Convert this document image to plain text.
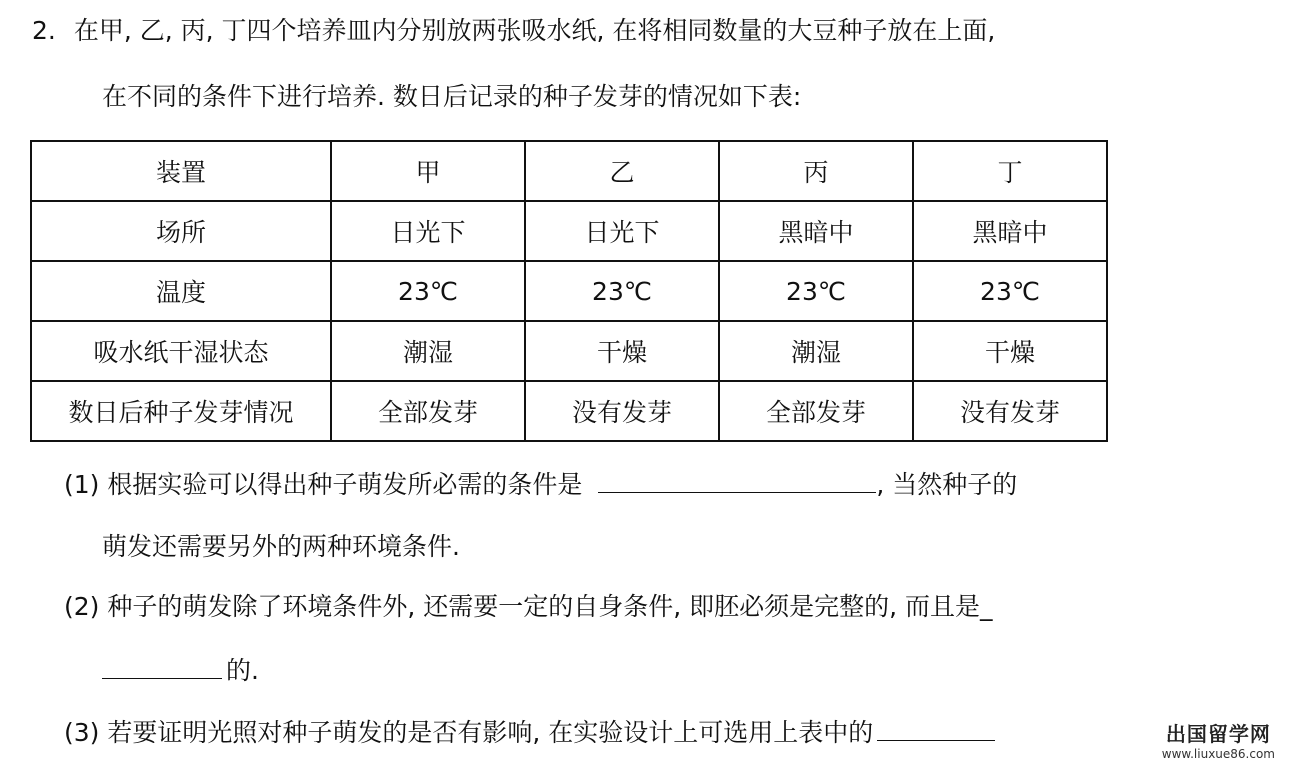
2. 在甲, 乙, 丙, 丁四个培养皿内分别放两张吸水纸, 在将相同数量的大豆种子放在上面,
在不同的条件下进行培养. 数日后记录的种子发芽的情况如下表:
装置	甲	乙	丙	丁
场所	日光下	日光下	黑暗中	黑暗中
温度	23℃	23℃	23℃	23℃
吸水纸干湿状态	潮湿	干燥	潮湿	干燥
数日后种子发芽情况	全部发芽	没有发芽	全部发芽	没有发芽
(1) 根据实验可以得出种子萌发所必需的条件是	, 当然种子的
萌发还需要另外的两种环境条件.
(2) 种子的萌发除了环境条件外, 还需要一定的自身条件, 即胚必须是完整的, 而且是_
的.
(3) 若要证明光照对种子萌发的是否有影响, 在实验设计上可选用上表中的	出国留学网
www.liuxue86.com
